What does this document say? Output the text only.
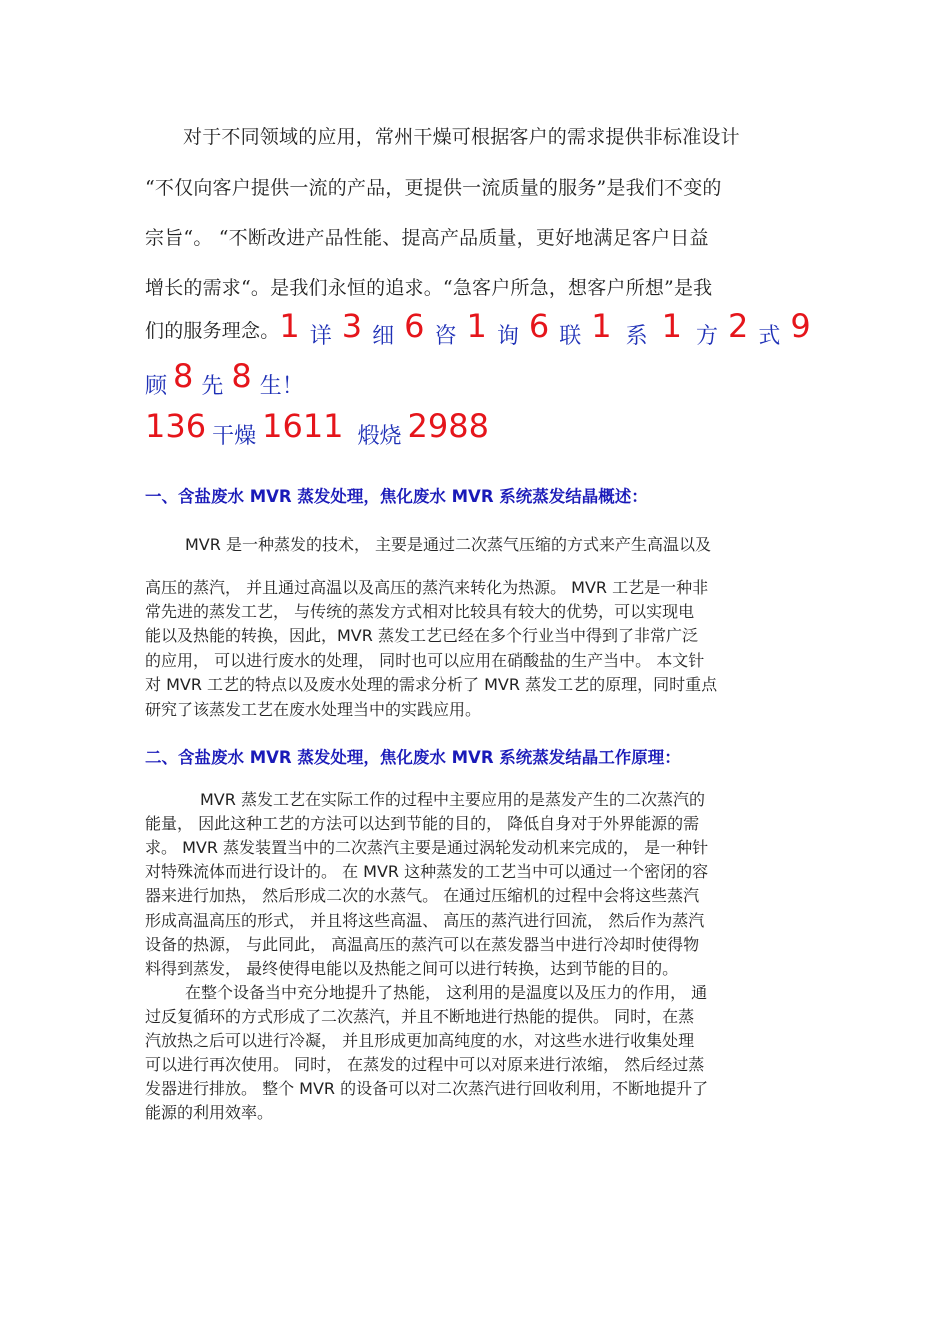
对于不同领域的应用，常州干燥可根据客户的需求提供非标准设计
“不仅向客户提供一流的产品，更提供一流质量的服务”是我们不变的
宗旨“。 “不断改进产品性能、提高产品质量，更好地满足客户日益
增长的需求“。是我们永恒的追求。“急客户所急，想客户所想”是我
们的服务理念。1 详 3 细 6 咨 1 询 6 联 1 系 1 方 2 式 9
顾 8 先 8 生！
136 干燥 1611 煅烧 2988
一、含盐废水 MVR 蒸发处理，焦化废水 MVR 系统蒸发结晶概述：
MVR 是一种蒸发的技术， 主要是通过二次蒸气压缩的方式来产生高温以及
高压的蒸汽， 并且通过高温以及高压的蒸汽来转化为热源。 MVR 工艺是一种非
常先进的蒸发工艺， 与传统的蒸发方式相对比较具有较大的优势，可以实现电
能以及热能的转换，因此，MVR 蒸发工艺已经在多个行业当中得到了非常广泛
的应用， 可以进行废水的处理， 同时也可以应用在硝酸盐的生产当中。 本文针
对 MVR 工艺的特点以及废水处理的需求分析了 MVR 蒸发工艺的原理，同时重点
研究了该蒸发工艺在废水处理当中的实践应用。
二、含盐废水 MVR 蒸发处理，焦化废水 MVR 系统蒸发结晶工作原理：
MVR 蒸发工艺在实际工作的过程中主要应用的是蒸发产生的二次蒸汽的
能量， 因此这种工艺的方法可以达到节能的目的， 降低自身对于外界能源的需
求。 MVR 蒸发装置当中的二次蒸汽主要是通过涡轮发动机来完成的， 是一种针
对特殊流体而进行设计的。 在 MVR 这种蒸发的工艺当中可以通过一个密闭的容
器来进行加热， 然后形成二次的水蒸气。 在通过压缩机的过程中会将这些蒸汽
形成高温高压的形式， 并且将这些高温、 高压的蒸汽进行回流， 然后作为蒸汽
设备的热源， 与此同此， 高温高压的蒸汽可以在蒸发器当中进行冷却时使得物
料得到蒸发， 最终使得电能以及热能之间可以进行转换，达到节能的目的。
在整个设备当中充分地提升了热能， 这利用的是温度以及压力的作用， 通
过反复循环的方式形成了二次蒸汽，并且不断地进行热能的提供。 同时，在蒸
汽放热之后可以进行冷凝， 并且形成更加高纯度的水，对这些水进行收集处理
可以进行再次使用。 同时， 在蒸发的过程中可以对原来进行浓缩， 然后经过蒸
发器进行排放。 整个 MVR 的设备可以对二次蒸汽进行回收利用，不断地提升了
能源的利用效率。
